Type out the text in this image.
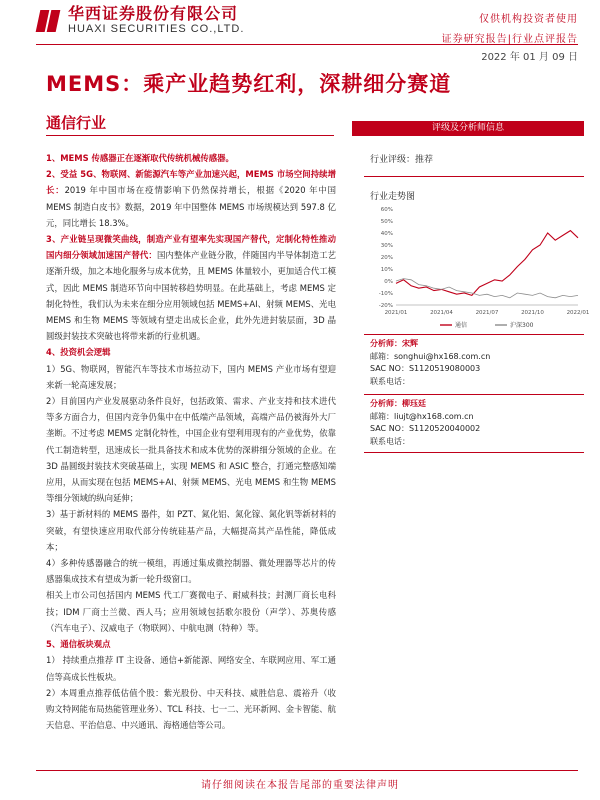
华西证券股份有限公司
HUAXI SECURITIES CO.,LTD.
仅供机构投资者使用
证券研究报告|行业点评报告
2022 年 01 月 09 日
MEMS：乘产业趋势红利，深耕细分赛道
通信行业

1、MEMS 传感器正在逐渐取代传统机械传感器。

2、受益 5G、物联网、新能源汽车等产业加速兴起，MEMS 市场空间持续增长：2019 年中国市场在疫情影响下仍然保持增长，根据《2020 年中国 MEMS 制造白皮书》数据，2019 年中国整体 MEMS 市场规模达到 597.8 亿元，同比增长 18.3%。

3、产业链呈现微笑曲线，制造产业有望率先实现国产替代，定制化特性推动国内细分领域加速国产替代：国内整体产业链分散，伴随国内半导体制造工艺逐渐升级，加之本地化服务与成本优势，且 MEMS 体量较小，更加适合代工模式，因此 MEMS 制造环节向中国转移趋势明显。在此基础上，考虑 MEMS 定制化特性，我们认为未来在细分应用领域包括 MEMS+AI、射频 MEMS、光电 MEMS 和生物 MEMS 等领域有望走出成长企业，此外先进封装层面，3D 晶圆级封装技术突破也将带来新的行业机遇。

4、投资机会逻辑

1）5G、物联网，智能汽车等技术市场拉动下，国内 MEMS 产业市场有望迎来新一轮高速发展；

2）目前国内产业发展驱动条件良好，包括政策、需求、产业支持和技术进代等多方面合力，但国内竞争仍集中在中低端产品领域，高端产品仍被海外大厂垄断。不过考虑 MEMS 定制化特性，中国企业有望利用现有的产业优势，依靠代工制造转型，迅速成长一批具备技术和成本优势的深耕细分领域的企业。在 3D 晶圆级封装技术突破基础上，实现 MEMS 和 ASIC 整合，打通完整感知端应用，从而实现在包括 MEMS+AI、射频 MEMS、光电 MEMS 和生物 MEMS 等细分领域的纵向延伸；

3）基于新材料的 MEMS 器件，如 PZT、氮化铝、氮化镓、氮化钒等新材料的突破，有望快速应用取代部分传统硅基产品，大幅提高其产品性能，降低成本；

4）多种传感器融合的统一模组，再通过集成微控制器、微处理器等芯片的传感器集成技术有望成为新一轮升级窗口。

相关上市公司包括国内 MEMS 代工厂赛微电子、耐威科技；封测厂商长电科技；IDM 厂商士兰微、西人马；应用领域包括歌尔股份（声学）、苏奥传感（汽车电子）、汉威电子（物联网）、中航电测（特种）等。

5、通信板块观点

1） 持续重点推荐 IT 主设备、通信+新能源、网络安全、车联网应用、军工通信等高成长性板块。

2）本周重点推荐低估值个股：紫光股份、中天科技、威胜信息、震裕升（收购文特网能布局热能管理业务）、TCL 科技、七一二、光环新网、金卡智能、航天信息、平治信息、中兴通讯、海格通信等公司。

评级及分析师信息
行业评级：推荐
行业走势图
60%
50%
40%
30%
20%
10%
0%
-10%
-20%
2021/01	2021/04	2021/07	2021/10	2022/01
通信	沪深300
分析师：宋辉
邮箱：songhui@hx168.com.cn
SAC NO：S1120519080003
联系电话：
分析师：柳珏廷
邮箱：liujt@hx168.com.cn
SAC NO：S1120520040002
联系电话：
请仔细阅读在本报告尾部的重要法律声明
